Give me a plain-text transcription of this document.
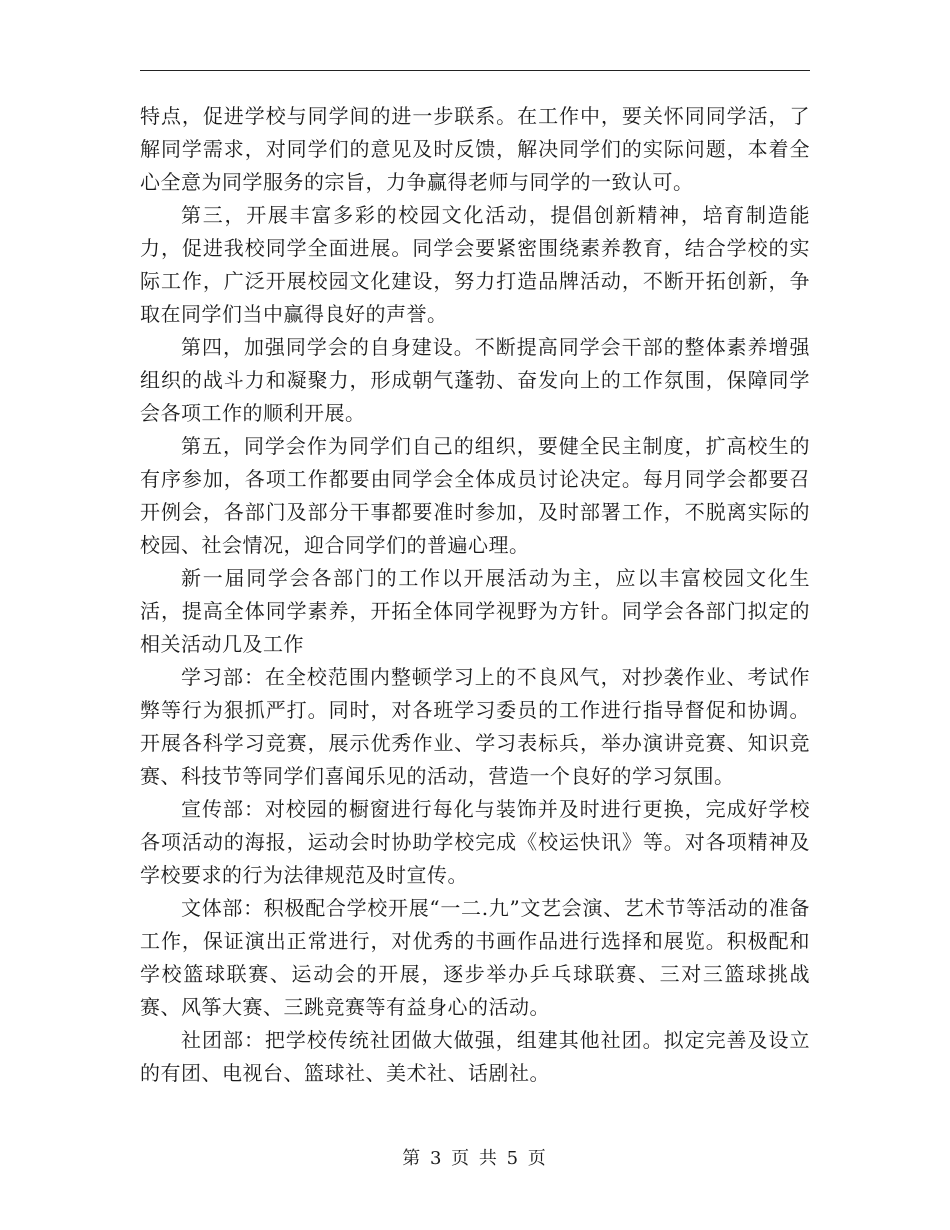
特点，促进学校与同学间的进一步联系。在工作中，要关怀同同学活，了解同学需求，对同学们的意见及时反馈，解决同学们的实际问题，本着全心全意为同学服务的宗旨，力争赢得老师与同学的一致认可。

第三，开展丰富多彩的校园文化活动，提倡创新精神，培育制造能力，促进我校同学全面进展。同学会要紧密围绕素养教育，结合学校的实际工作，广泛开展校园文化建设，努力打造品牌活动，不断开拓创新，争取在同学们当中赢得良好的声誉。

第四，加强同学会的自身建设。不断提高同学会干部的整体素养增强组织的战斗力和凝聚力，形成朝气蓬勃、奋发向上的工作氛围，保障同学会各项工作的顺利开展。

第五，同学会作为同学们自己的组织，要健全民主制度，扩高校生的有序参加，各项工作都要由同学会全体成员讨论决定。每月同学会都要召开例会，各部门及部分干事都要准时参加，及时部署工作，不脱离实际的校园、社会情况，迎合同学们的普遍心理。

新一届同学会各部门的工作以开展活动为主，应以丰富校园文化生活，提高全体同学素养，开拓全体同学视野为方针。同学会各部门拟定的相关活动几及工作

学习部：在全校范围内整顿学习上的不良风气，对抄袭作业、考试作弊等行为狠抓严打。同时，对各班学习委员的工作进行指导督促和协调。开展各科学习竞赛，展示优秀作业、学习表标兵，举办演讲竞赛、知识竞赛、科技节等同学们喜闻乐见的活动，营造一个良好的学习氛围。

宣传部：对校园的橱窗进行每化与装饰并及时进行更换，完成好学校各项活动的海报，运动会时协助学校完成《校运快讯》等。对各项精神及学校要求的行为法律规范及时宣传。

文体部：积极配合学校开展“一二.九”文艺会演、艺术节等活动的准备工作，保证演出正常进行，对优秀的书画作品进行选择和展览。积极配和学校篮球联赛、运动会的开展，逐步举办乒乓球联赛、三对三篮球挑战赛、风筝大赛、三跳竞赛等有益身心的活动。

社团部：把学校传统社团做大做强，组建其他社团。拟定完善及设立的有团、电视台、篮球社、美术社、话剧社。

第 3 页 共 5 页
